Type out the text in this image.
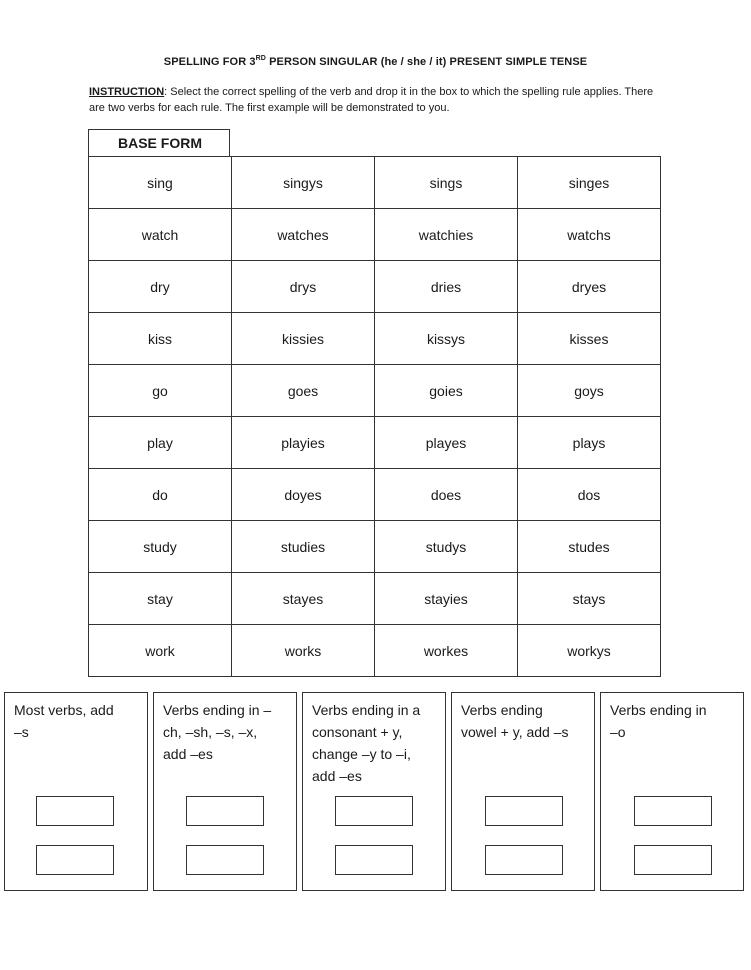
SPELLING FOR 3RD PERSON SINGULAR (he / she / it) PRESENT SIMPLE TENSE
INSTRUCTION: Select the correct spelling of the verb and drop it in the box to which the spelling rule applies. There are two verbs for each rule. The first example will be demonstrated to you.
BASE FORM
sing	singys	sings	singes
watch	watches	watchies	watchs
dry	drys	dries	dryes
kiss	kissies	kissys	kisses
go	goes	goies	goys
play	playies	playes	plays
do	doyes	does	dos
study	studies	studys	studes
stay	stayes	stayies	stays
work	works	workes	workys
Most verbs, add
–s
Verbs ending in –
ch, –sh, –s, –x,
add –es
Verbs ending in a
consonant + y,
change –y to –i,
add –es
Verbs ending
vowel + y, add –s
Verbs ending in
–o
